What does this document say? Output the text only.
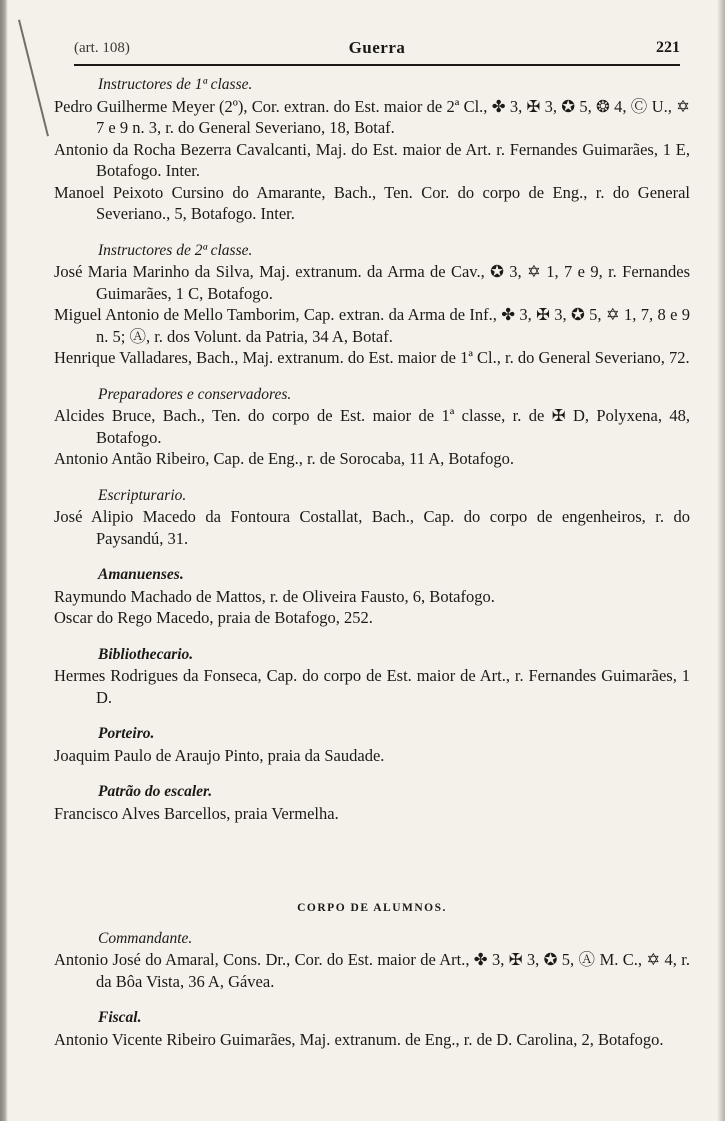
(art. 108)	Guerra	221
Instructores de 1ª classe.

Pedro Guilherme Meyer (2º), Cor. extran. do Est. maior de 2ª Cl., ✤ 3, ✠ 3, ✪ 5, ❂ 4, Ⓒ U., ✡ 7 e 9 n. 3, r. do General Severiano, 18, Botaf.

Antonio da Rocha Bezerra Cavalcanti, Maj. do Est. maior de Art. r. Fernandes Guimarães, 1 E, Botafogo. Inter.

Manoel Peixoto Cursino do Amarante, Bach., Ten. Cor. do corpo de Eng., r. do General Severiano., 5, Botafogo. Inter.

Instructores de 2ª classe.

José Maria Marinho da Silva, Maj. extranum. da Arma de Cav., ✪ 3, ✡ 1, 7 e 9, r. Fernandes Guimarães, 1 C, Botafogo.

Miguel Antonio de Mello Tamborim, Cap. extran. da Arma de Inf., ✤ 3, ✠ 3, ✪ 5, ✡ 1, 7, 8 e 9 n. 5; Ⓐ, r. dos Volunt. da Patria, 34 A, Botaf.

Henrique Valladares, Bach., Maj. extranum. do Est. maior de 1ª Cl., r. do General Severiano, 72.

Preparadores e conservadores.

Alcides Bruce, Bach., Ten. do corpo de Est. maior de 1ª classe, r. de ✠ D, Polyxena, 48, Botafogo.

Antonio Antão Ribeiro, Cap. de Eng., r. de Sorocaba, 11 A, Botafogo.

Escripturario.

José Alipio Macedo da Fontoura Costallat, Bach., Cap. do corpo de engenheiros, r. do Paysandú, 31.

Amanuenses.

Raymundo Machado de Mattos, r. de Oliveira Fausto, 6, Botafogo.

Oscar do Rego Macedo, praia de Botafogo, 252.

Bibliothecario.

Hermes Rodrigues da Fonseca, Cap. do corpo de Est. maior de Art., r. Fernandes Guimarães, 1 D.

Porteiro.

Joaquim Paulo de Araujo Pinto, praia da Saudade.

Patrão do escaler.

Francisco Alves Barcellos, praia Vermelha.

CORPO DE ALUMNOS.
Commandante.

Antonio José do Amaral, Cons. Dr., Cor. do Est. maior de Art., ✤ 3, ✠ 3, ✪ 5, Ⓐ M. C., ✡ 4, r. da Bôa Vista, 36 A, Gávea.

Fiscal.

Antonio Vicente Ribeiro Guimarães, Maj. extranum. de Eng., r. de D. Carolina, 2, Botafogo.
